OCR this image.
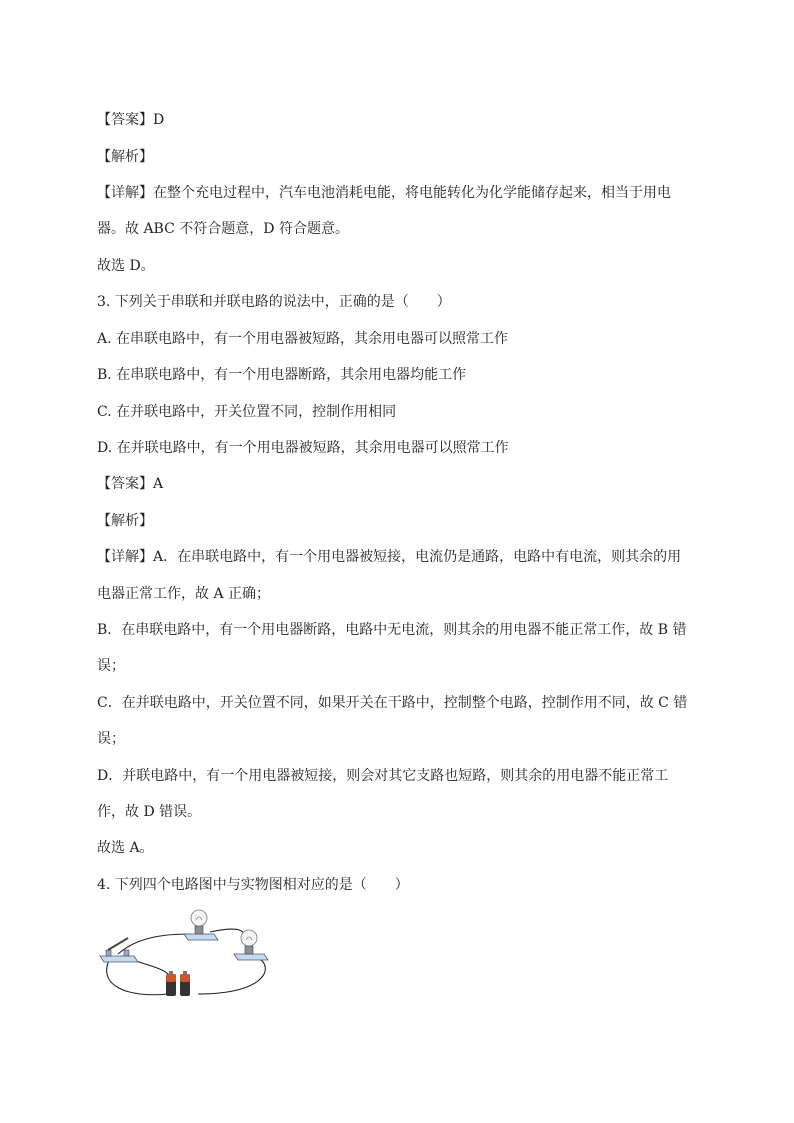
【答案】D
【解析】
【详解】在整个充电过程中，汽车电池消耗电能，将电能转化为化学能储存起来，相当于用电
器。故 ABC 不符合题意，D 符合题意。
故选 D。
3. 下列关于串联和并联电路的说法中，正确的是（　　）
A. 在串联电路中，有一个用电器被短路，其余用电器可以照常工作
B. 在串联电路中，有一个用电器断路，其余用电器均能工作
C. 在并联电路中，开关位置不同，控制作用相同
D. 在并联电路中，有一个用电器被短路，其余用电器可以照常工作
【答案】A
【解析】
【详解】A．在串联电路中，有一个用电器被短接，电流仍是通路，电路中有电流，则其余的用
电器正常工作，故 A 正确；
B．在串联电路中，有一个用电器断路，电路中无电流，则其余的用电器不能正常工作，故 B 错
误；
C．在并联电路中，开关位置不同，如果开关在干路中，控制整个电路，控制作用不同，故 C 错
误；
D．并联电路中，有一个用电器被短接，则会对其它支路也短路，则其余的用电器不能正常工
作，故 D 错误。
故选 A。
4. 下列四个电路图中与实物图相对应的是（　　）
